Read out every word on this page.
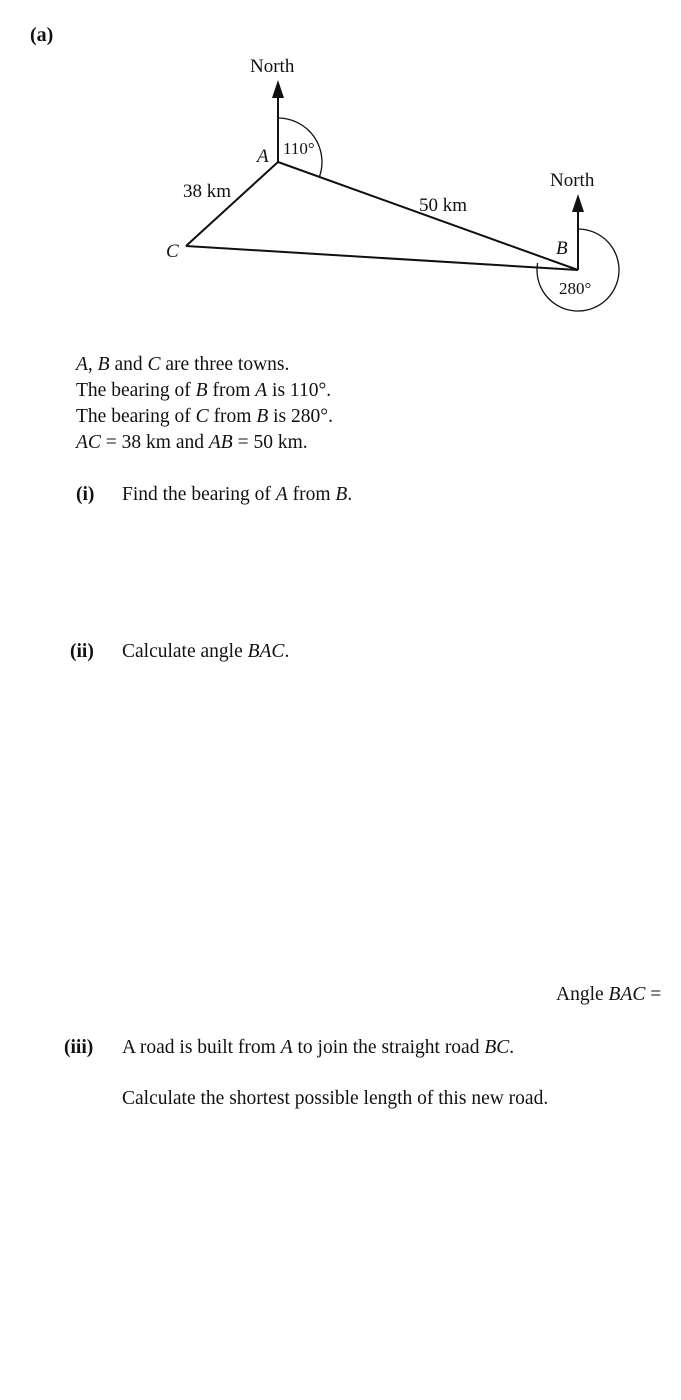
(a)
North
North
A
B
C
110°
280°
38 km
50 km
A, B and C are three towns.
The bearing of B from A is 110°.
The bearing of C from B is 280°.
AC = 38 km and AB = 50 km.
(i) Find the bearing of A from B.
(ii) Calculate angle BAC.
Angle BAC =
(iii) A road is built from A to join the straight road BC.
Calculate the shortest possible length of this new road.
